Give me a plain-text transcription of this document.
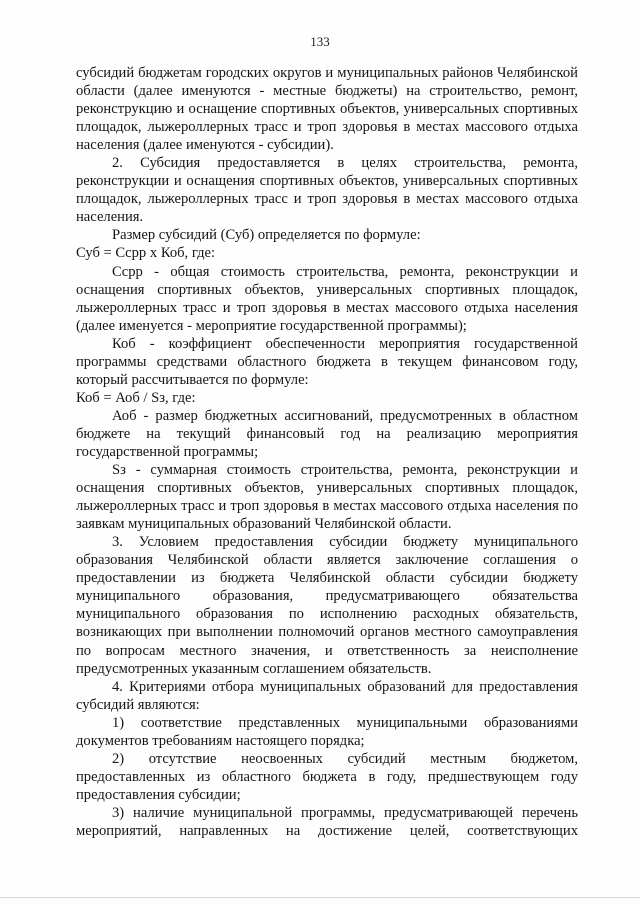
133

субсидий бюджетам городских округов и муниципальных районов Челябинской области (далее именуются - местные бюджеты) на строительство, ремонт, реконструкцию и оснащение спортивных объектов, универсальных спортивных площадок, лыжероллерных трасс и троп здоровья в местах массового отдыха населения (далее именуются - субсидии).

2. Субсидия предоставляется в целях строительства, ремонта, реконструкции и оснащения спортивных объектов, универсальных спортивных площадок, лыжероллерных трасс и троп здоровья в местах массового отдыха населения.

Размер субсидий (Суб) определяется по формуле:

Суб = Сcрр x Коб, где:

Сcрр - общая стоимость строительства, ремонта, реконструкции и оснащения спортивных объектов, универсальных спортивных площадок, лыжероллерных трасс и троп здоровья в местах массового отдыха населения (далее именуется - мероприятие государственной программы);

Коб - коэффициент обеспеченности мероприятия государственной программы средствами областного бюджета в текущем финансовом году, который рассчитывается по формуле:

Коб = Аоб / Sз, где:

Аоб - размер бюджетных ассигнований, предусмотренных в областном бюджете на текущий финансовый год на реализацию мероприятия государственной программы;

Sз - суммарная стоимость строительства, ремонта, реконструкции и оснащения спортивных объектов, универсальных спортивных площадок, лыжероллерных трасс и троп здоровья в местах массового отдыха населения по заявкам муниципальных образований Челябинской области.

3. Условием предоставления субсидии бюджету муниципального образования Челябинской области является заключение соглашения о предоставлении из бюджета Челябинской области субсидии бюджету муниципального образования, предусматривающего обязательства муниципального образования по исполнению расходных обязательств, возникающих при выполнении полномочий органов местного самоуправления по вопросам местного значения, и ответственность за неисполнение предусмотренных указанным соглашением обязательств.

4. Критериями отбора муниципальных образований для предоставления субсидий являются:

1) соответствие представленных муниципальными образованиями документов требованиям настоящего порядка;

2) отсутствие неосвоенных субсидий местным бюджетом, предоставленных из областного бюджета в году, предшествующем году предоставления субсидии;

3) наличие муниципальной программы, предусматривающей перечень мероприятий, направленных на достижение целей, соответствующих
